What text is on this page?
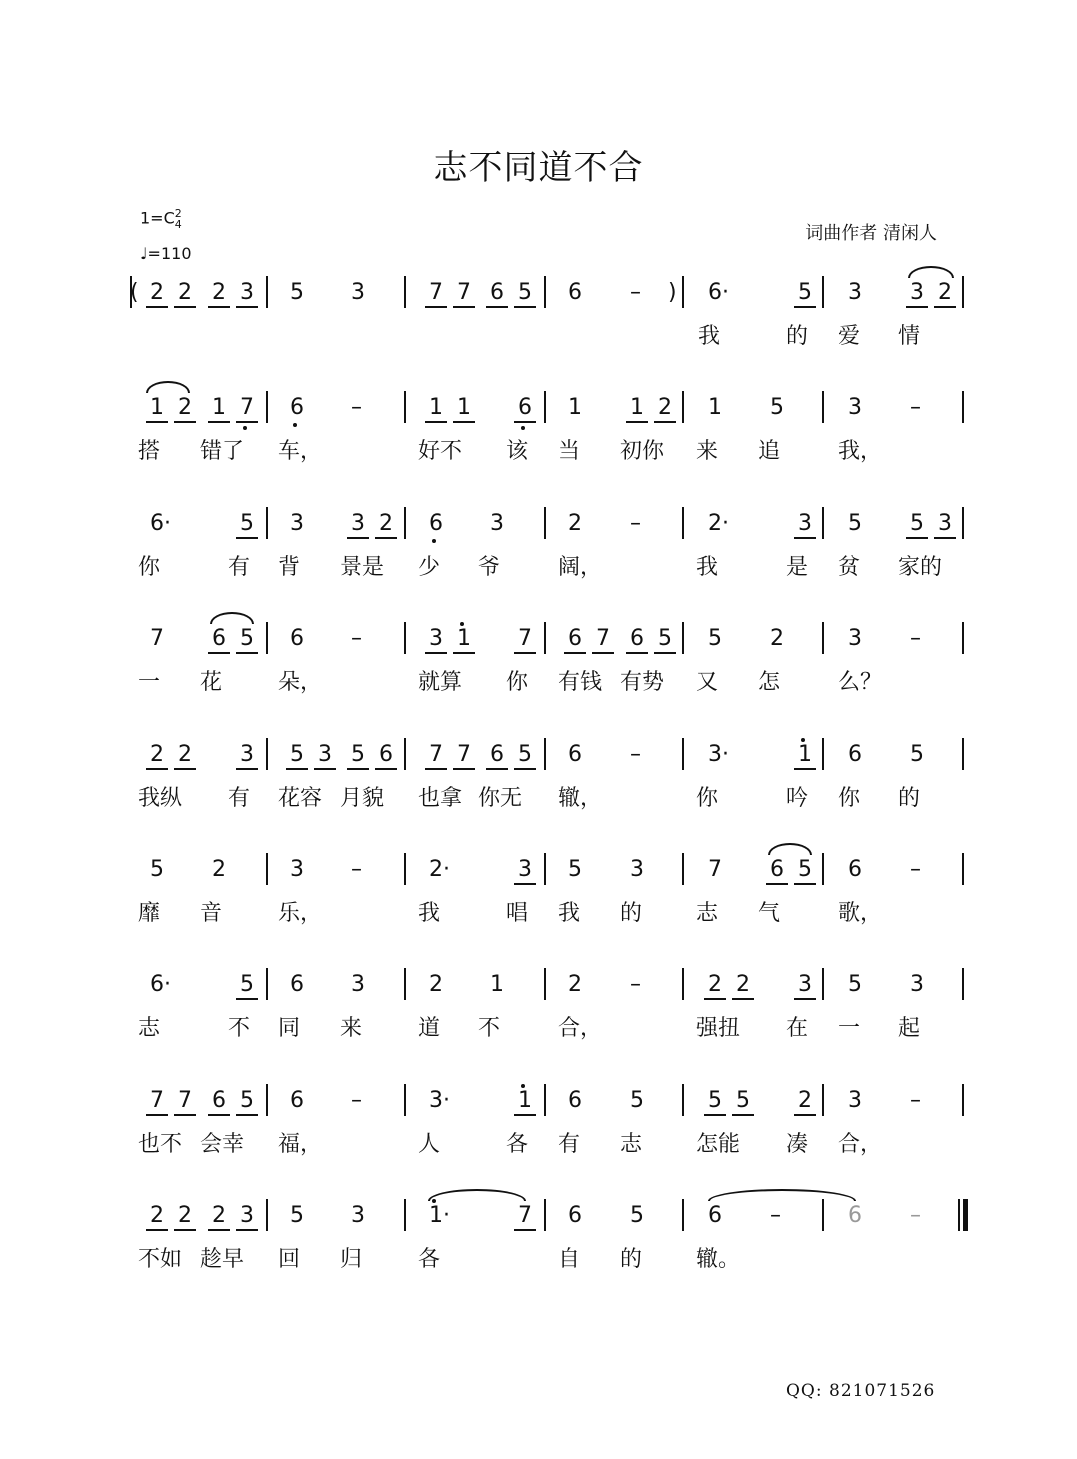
志不同道不合
1=C 2
4
♩=110
词曲作者 清闲人
( 2 2 2 3 5 3	7 7 6 5 6 – ) 6·	5 3 3 2
我	的 爱 情
1 2 1 7 6 –	1 1 6 1 1 2 1 5	3 –
搭 错了 车，	好不 该 当 初你 来 追	我，
6·	5 3 3 2 6 3	2 –	2·	3 5 5 3
你	有 背 景是 少 爷	阔，	我	是 贫 家的
7 6 5 6 –	3 1 7 6 7 6 5 5 2	3 –
一 花	朵，	就算 你 有钱 有势 又 怎	么？
2 2 3 5 3 5 6 7 7 6 5 6 –	3·	1 6 5
我纵 有 花容 月貌 也拿 你无 辙，	你	吟 你 的
5 2	3 –	2·	3 5 3	7 6 5 6 –
靡 音	乐，	我	唱 我 的 志 气	歌，
6·	5 6 3	2 1	2 –	2 2 3 5 3
志	不 同 来	道 不	合，	强扭 在 一 起
7 7 6 5 6 –	3·	1 6 5	5 5 2 3 –
也不 会幸 福，	人	各 有 志 怎能 凑 合，
2 2 2 3 5 3	1·	7 6 5	6 –	6 –
不如 趁早 回 归	各	自 的 辙。
QQ: 821071526
